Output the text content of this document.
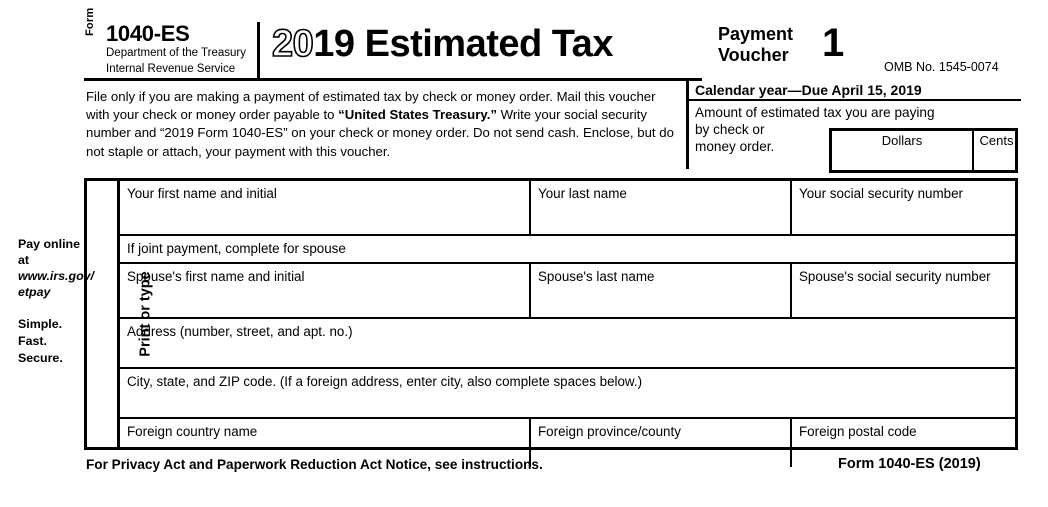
Form 1040-ES
Department of the Treasury
Internal Revenue Service
2019 Estimated Tax	Payment
Voucher 1
OMB No. 1545-0074
File only if you are making a payment of estimated tax by check or money order. Mail this voucher with your check or money order payable to “United States Treasury.” Write your social security number and “2019 Form 1040-ES” on your check or money order. Do not send cash. Enclose, but do not staple or attach, your payment with this voucher.
Calendar year—Due April 15, 2019
Amount of estimated tax you are paying
by check or
money order.	Dollars	Cents
Pay online at
www.irs.gov/
etpay
Simple.
Fast.
Secure.
Print or type
Your first name and initial	Your last name	Your social security number
If joint payment, complete for spouse
Spouse's first name and initial	Spouse's last name	Spouse's social security number
Address (number, street, and apt. no.)
City, state, and ZIP code. (If a foreign address, enter city, also complete spaces below.)
Foreign country name	Foreign province/county	Foreign postal code
For Privacy Act and Paperwork Reduction Act Notice, see instructions.	Form 1040-ES (2019)
